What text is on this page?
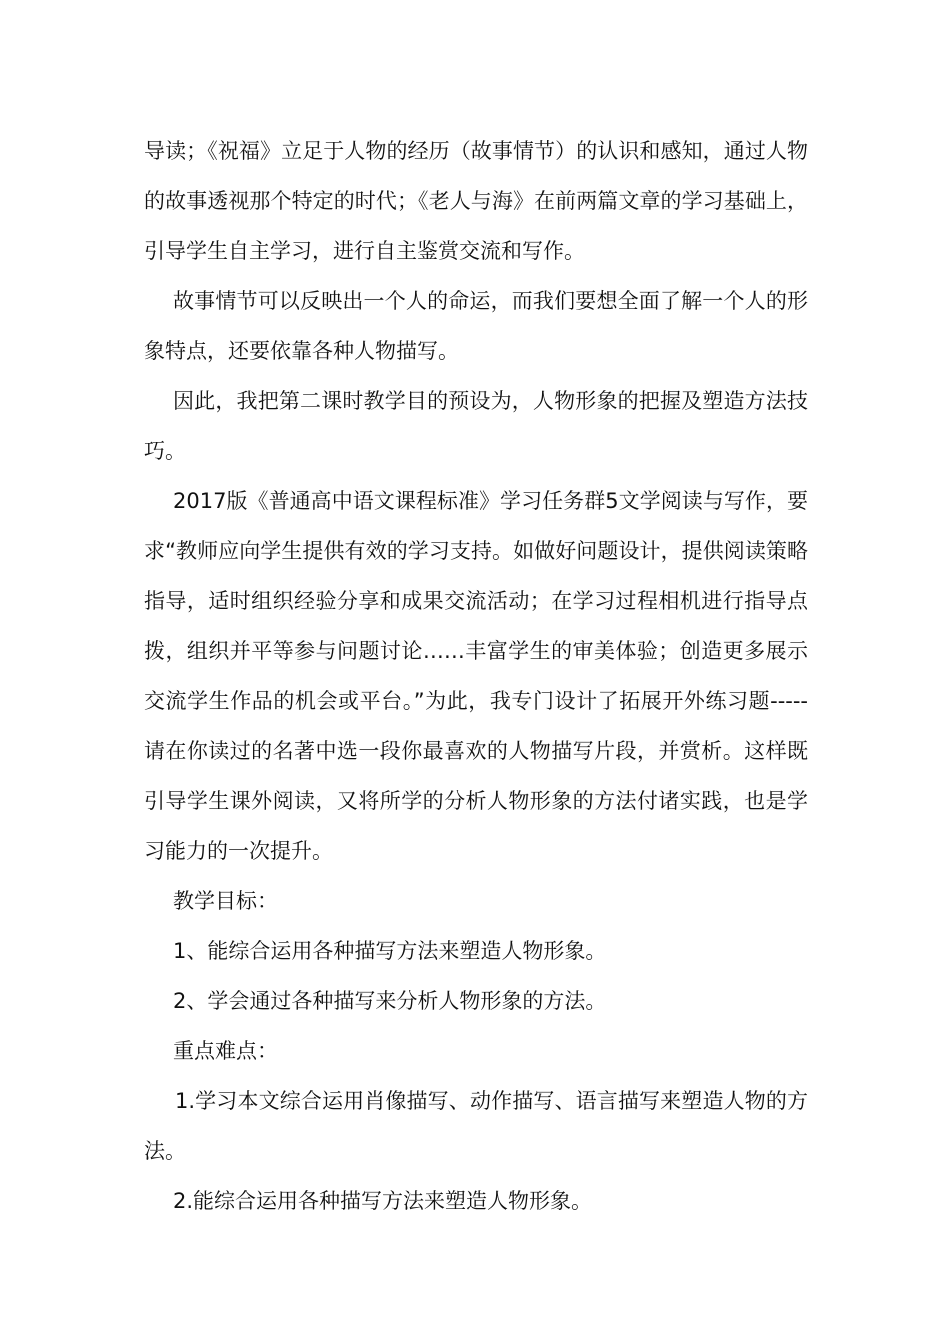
导读；《祝福》立足于人物的经历（故事情节）的认识和感知，通过人物的故事透视那个特定的时代；《老人与海》在前两篇文章的学习基础上，引导学生自主学习，进行自主鉴赏交流和写作。

故事情节可以反映出一个人的命运，而我们要想全面了解一个人的形象特点，还要依靠各种人物描写。

因此，我把第二课时教学目的预设为，人物形象的把握及塑造方法技巧。

2017版《普通高中语文课程标准》学习任务群5文学阅读与写作，要求“教师应向学生提供有效的学习支持。如做好问题设计，提供阅读策略指导，适时组织经验分享和成果交流活动；在学习过程相机进行指导点拨，组织并平等参与问题讨论……丰富学生的审美体验；创造更多展示交流学生作品的机会或平台。”为此，我专门设计了拓展开外练习题-----请在你读过的名著中选一段你最喜欢的人物描写片段，并赏析。这样既引导学生课外阅读，又将所学的分析人物形象的方法付诸实践，也是学习能力的一次提升。

教学目标：

1、能综合运用各种描写方法来塑造人物形象。

2、学会通过各种描写来分析人物形象的方法。

重点难点：

1.学习本文综合运用肖像描写、动作描写、语言描写来塑造人物的方法。

2.能综合运用各种描写方法来塑造人物形象。
